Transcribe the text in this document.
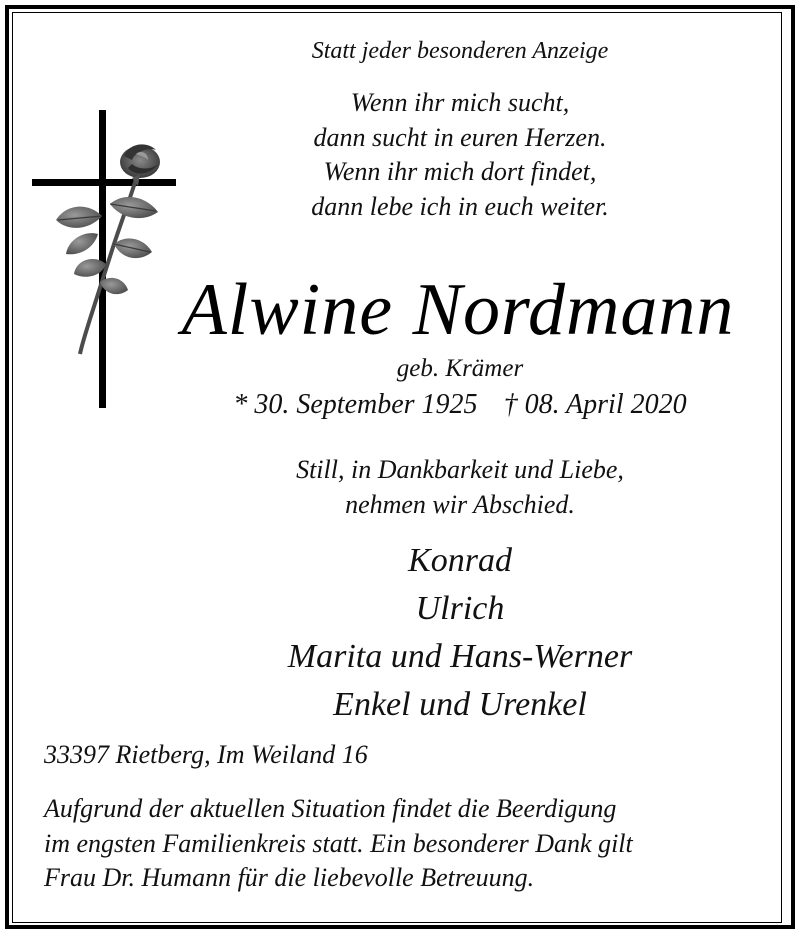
Statt jeder besonderen Anzeige
Wenn ihr mich sucht,
dann sucht in euren Herzen.
Wenn ihr mich dort findet,
dann lebe ich in euch weiter.
Alwine Nordmann
geb. Krämer
* 30. September 1925 † 08. April 2020
Still, in Dankbarkeit und Liebe,
nehmen wir Abschied.
Konrad
Ulrich
Marita und Hans-Werner
Enkel und Urenkel
33397 Rietberg, Im Weiland 16
Aufgrund der aktuellen Situation findet die Beerdigung
im engsten Familienkreis statt. Ein besonderer Dank gilt
Frau Dr. Humann für die liebevolle Betreuung.
